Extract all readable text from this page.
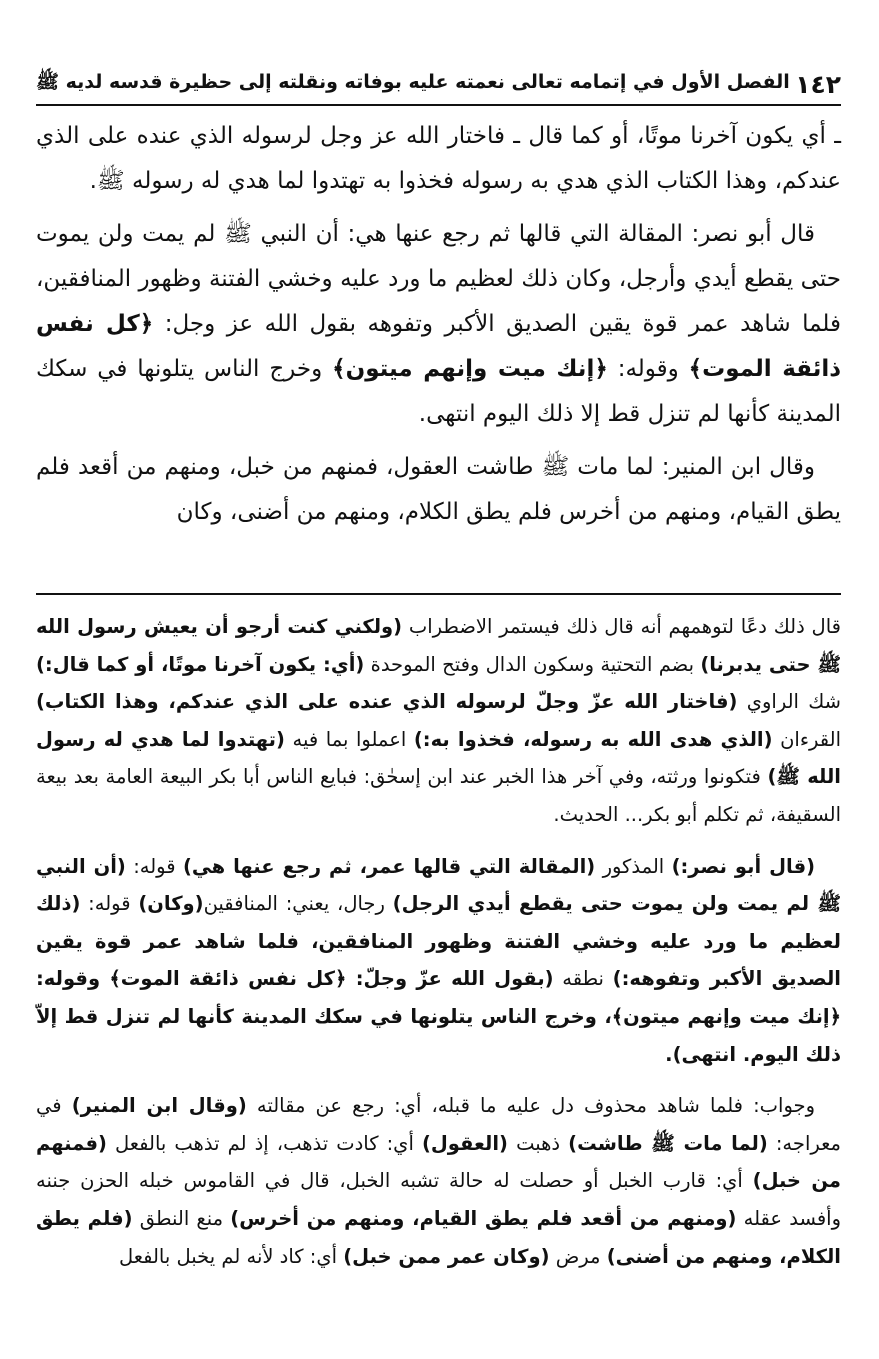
١٤٢
الفصل الأول في إتمامه تعالى نعمته عليه بوفاته ونقلته إلى حظيرة قدسه لديه ﷺ

ـ أي يكون آخرنا موتًا، أو كما قال ـ فاختار الله عز وجل لرسوله الذي عنده على الذي عندكم، وهذا الكتاب الذي هدي به رسوله فخذوا به تهتدوا لما هدي له رسوله ﷺ.

قال أبو نصر: المقالة التي قالها ثم رجع عنها هي: أن النبي ﷺ لم يمت ولن يموت حتى يقطع أيدي وأرجل، وكان ذلك لعظيم ما ورد عليه وخشي الفتنة وظهور المنافقين، فلما شاهد عمر قوة يقين الصديق الأكبر وتفوهه بقول الله عز وجل: ﴿كل نفس ذائقة الموت﴾ وقوله: ﴿إنك ميت وإنهم ميتون﴾ وخرج الناس يتلونها في سكك المدينة كأنها لم تنزل قط إلا ذلك اليوم انتهى.

وقال ابن المنير: لما مات ﷺ طاشت العقول، فمنهم من خبل، ومنهم من أقعد فلم يطق القيام، ومنهم من أخرس فلم يطق الكلام، ومنهم من أضنى، وكان

قال ذلك دعًا لتوهمهم أنه قال ذلك فيستمر الاضطراب (ولكني كنت أرجو أن يعيش رسول الله ﷺ حتى يدبرنا) بضم التحتية وسكون الدال وفتح الموحدة (أي: يكون آخرنا موتًا، أو كما قال:) شك الراوي (فاختار الله عزّ وجلّ لرسوله الذي عنده على الذي عندكم، وهذا الكتاب) القرءان (الذي هدى الله به رسوله، فخذوا به:) اعملوا بما فيه (تهتدوا لما هدي له رسول الله ﷺ) فتكونوا ورثته، وفي آخر هذا الخبر عند ابن إسحٰق: فبايع الناس أبا بكر البيعة العامة بعد بيعة السقيفة، ثم تكلم أبو بكر... الحديث.

(قال أبو نصر:) المذكور (المقالة التي قالها عمر، ثم رجع عنها هي) قوله: (أن النبي ﷺ لم يمت ولن يموت حتى يقطع أيدي الرجل) رجال، يعني: المنافقين(وكان) قوله: (ذلك لعظيم ما ورد عليه وخشي الفتنة وظهور المنافقين، فلما شاهد عمر قوة يقين الصديق الأكبر وتفوهه:) نطقه (بقول الله عزّ وجلّ: ﴿كل نفس ذائقة الموت﴾ وقوله: ﴿إنك ميت وإنهم ميتون﴾، وخرج الناس يتلونها في سكك المدينة كأنها لم تنزل قط إلاّ ذلك اليوم. انتهى).

وجواب: فلما شاهد محذوف دل عليه ما قبله، أي: رجع عن مقالته (وقال ابن المنير) في معراجه: (لما مات ﷺ طاشت) ذهبت (العقول) أي: كادت تذهب، إذ لم تذهب بالفعل (فمنهم من خبل) أي: قارب الخبل أو حصلت له حالة تشبه الخبل، قال في القاموس خبله الحزن جننه وأفسد عقله (ومنهم من أقعد فلم يطق القيام، ومنهم من أخرس) منع النطق (فلم يطق الكلام، ومنهم من أضنى) مرض (وكان عمر ممن خبل) أي: كاد لأنه لم يخبل بالفعل
